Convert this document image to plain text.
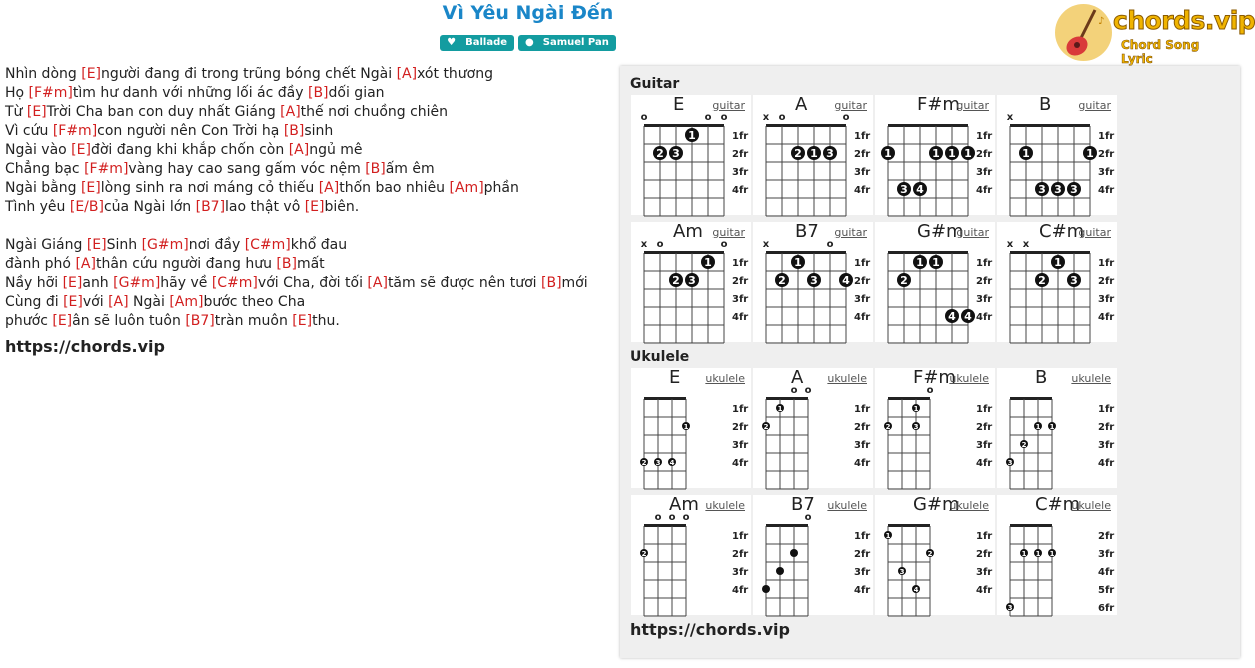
Vì Yêu Ngài Đến
♥ Ballade ● Samuel Pan
♪ chords.vip
Chord Song Lyric
Nhìn dòng [E]người đang đi trong trũng bóng chết Ngài [A]xót thương
Họ [F#m]tìm hư danh với những lối ác đầy [B]dối gian
Từ [E]Trời Cha ban con duy nhất Giáng [A]thế nơi chuồng chiên
Vì cứu [F#m]con người nên Con Trời hạ [B]sinh
Ngài vào [E]đời đang khi khắp chốn còn [A]ngủ mê
Chẳng bạc [F#m]vàng hay cao sang gấm vóc nệm [B]ấm êm
Ngài bằng [E]lòng sinh ra nơi máng cỏ thiếu [A]thốn bao nhiêu [Am]phần
Tình yêu [E/B]của Ngài lớn [B7]lao thật vô [E]biên.
Ngài Giáng [E]Sinh [G#m]nơi đầy [C#m]khổ đau
đành phó [A]thân cứu người đang hưu [B]mất
Nầy hỡi [E]anh [G#m]hãy về [C#m]với Cha, đời tối [A]tăm sẽ được nên tươi [B]mới
Cùng đi [E]với [A] Ngài [Am]bước theo Cha
phước [E]ân sẽ luôn tuôn [B7]tràn muôn [E]thu.
https://chords.vip
Guitar
Ukulele
https://chords.vip
E	guitar
1fr
2fr
3fr
4fr
o	o o
1
2 3
A guitar
1fr
2fr
3fr
4fr
x o	o
2 1 3
F#m
guitar
1fr
2fr
3fr
4fr
1	1 1 1
3 4
B guitar
1fr
2fr
3fr
4fr
x
1	1
3 3 3
Am guitar
1fr
2fr
3fr
4fr
x o	o
1
2 3
B7 guitar
1fr
2fr
3fr
4fr
x	o
1
2 3 4
G#m
guitar
1fr
2fr
3fr
4fr
1 1
2
4 4
C#m
guitar
1fr
2fr
3fr
4fr
x x
1
2 3
E ukulele
1fr
2fr
3fr
4fr
1
2 3 4
A ukulele
1fr
2fr
3fr
4fr
o o
1
2
F#m
ukulele
1fr
2fr
3fr
4fr
o
1
2	3
B ukulele
1fr
2fr
3fr
4fr
1 1
2
3
Am ukulele
1fr
2fr
3fr
4fr
o o o
2
B7 ukulele
1fr
2fr
3fr
4fr
o
G#m
ukulele
1fr
2fr
3fr
4fr
1
2
3
4
C#m
ukulele
2fr
3fr
4fr
5fr
6fr
1 1 1
3
